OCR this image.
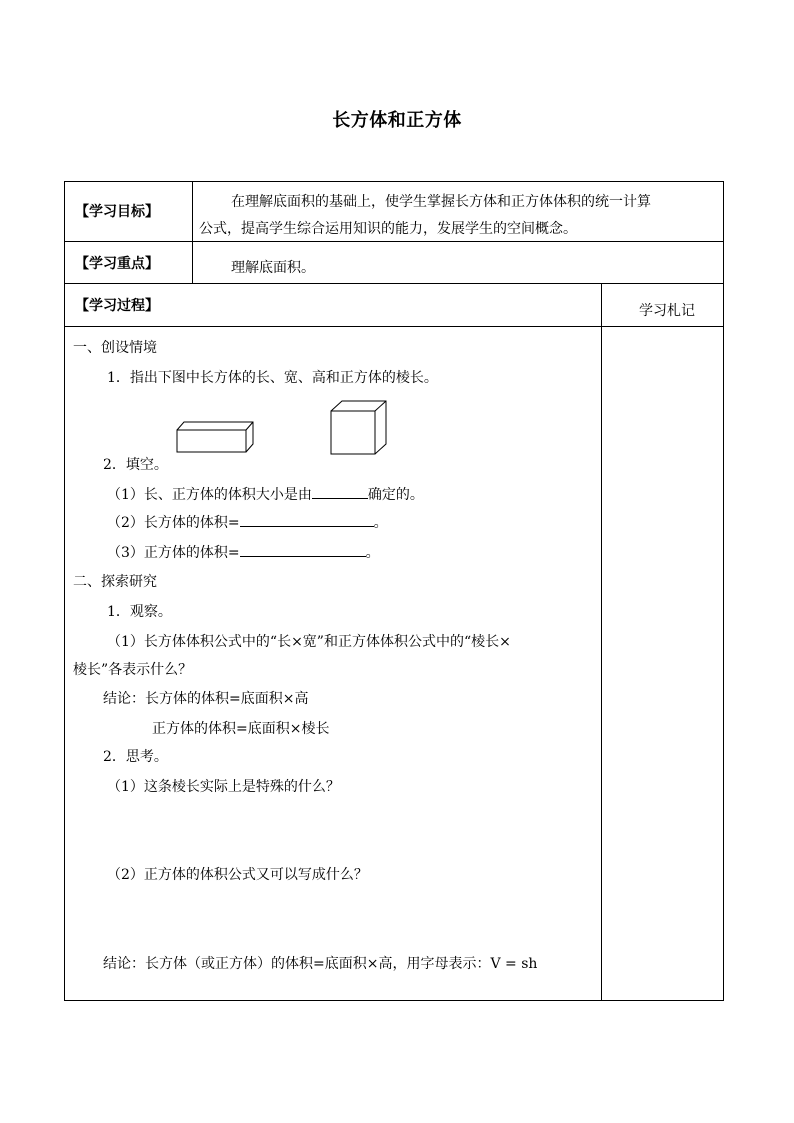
长方体和正方体
【学习目标】
在理解底面积的基础上，使学生掌握长方体和正方体体积的统一计算
公式，提高学生综合运用知识的能力，发展学生的空间概念。
【学习重点】	理解底面积。
【学习过程】	学习札记
一、创设情境
1．指出下图中长方体的长、宽、高和正方体的棱长。
2．填空。
（1）长、正方体的体积大小是由	确定的。
（2）长方体的体积=	。
（3）正方体的体积=	。
二、探索研究
1．观察。
（1）长方体体积公式中的“长×宽”和正方体体积公式中的“棱长×
棱长”各表示什么？
结论：长方体的体积=底面积×高
正方体的体积=底面积×棱长
2．思考。
（1）这条棱长实际上是特殊的什么？
（2）正方体的体积公式又可以写成什么？
结论：长方体（或正方体）的体积=底面积×高，用字母表示：V = sh
